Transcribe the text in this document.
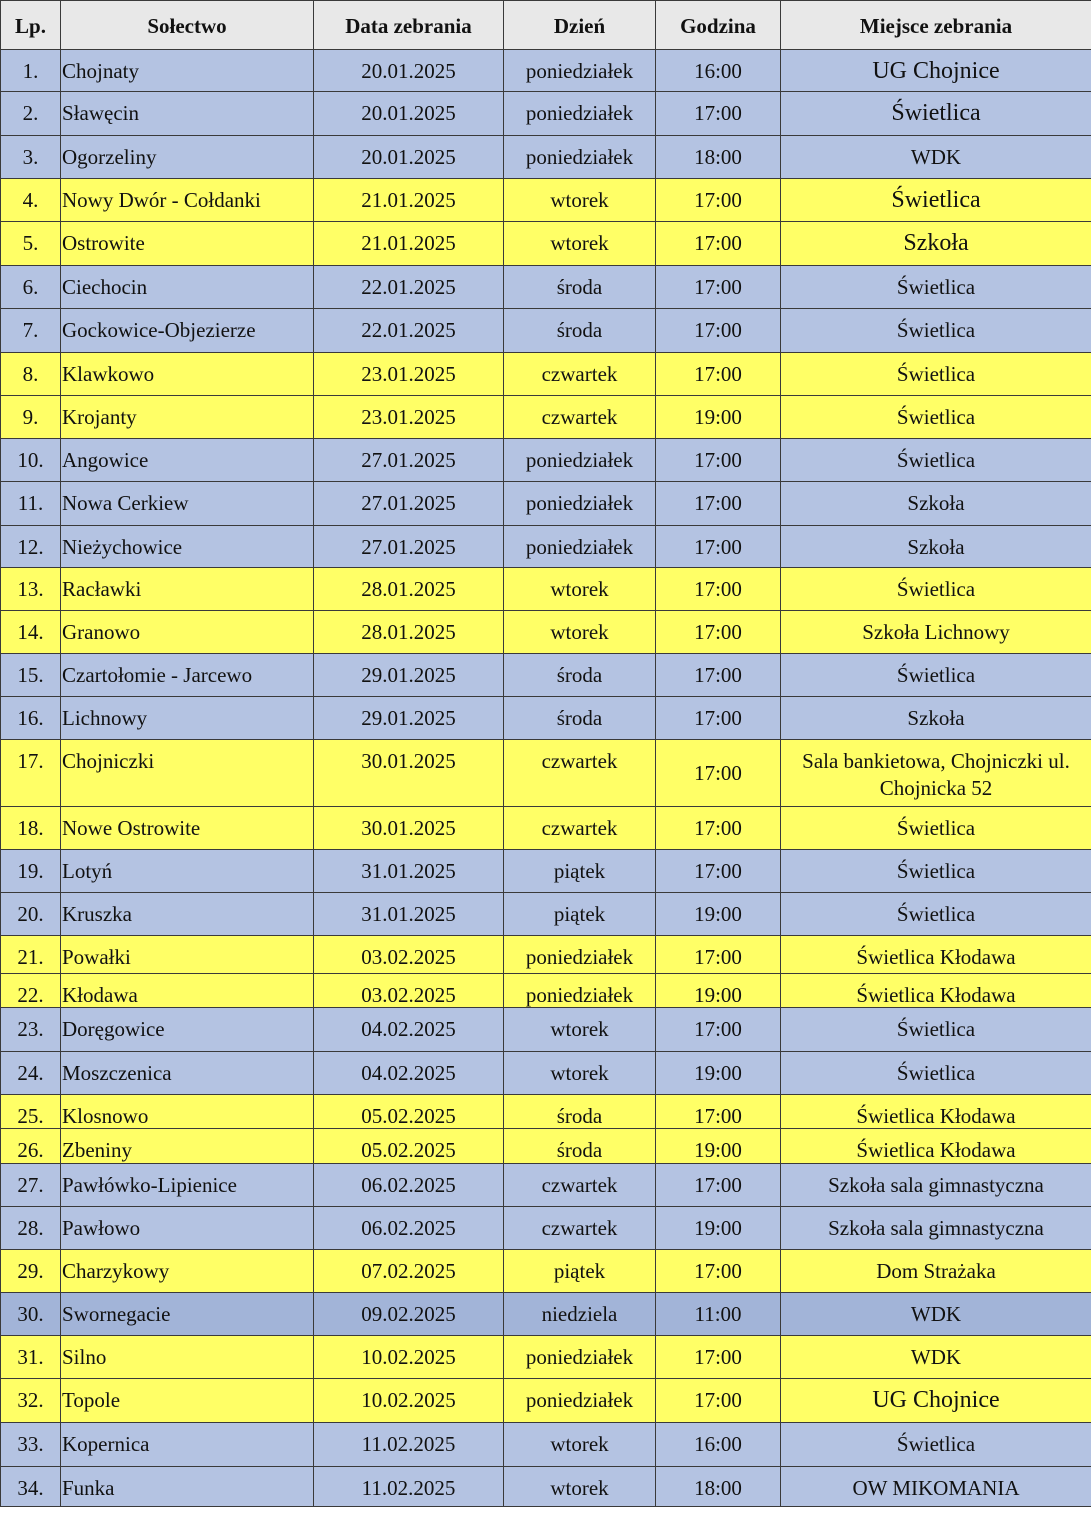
Lp.	Sołectwo	Data zebrania	Dzień	Godzina	Miejsce zebrania
1.	Chojnaty	20.01.2025	poniedziałek	16:00	UG Chojnice
2.	Sławęcin	20.01.2025	poniedziałek	17:00	Świetlica
3.	Ogorzeliny	20.01.2025	poniedziałek	18:00	WDK
4.	Nowy Dwór - Cołdanki	21.01.2025	wtorek	17:00	Świetlica
5.	Ostrowite	21.01.2025	wtorek	17:00	Szkoła
6.	Ciechocin	22.01.2025	środa	17:00	Świetlica
7.	Gockowice-Objezierze	22.01.2025	środa	17:00	Świetlica
8.	Klawkowo	23.01.2025	czwartek	17:00	Świetlica
9.	Krojanty	23.01.2025	czwartek	19:00	Świetlica
10.	Angowice	27.01.2025	poniedziałek	17:00	Świetlica
11.	Nowa Cerkiew	27.01.2025	poniedziałek	17:00	Szkoła
12.	Nieżychowice	27.01.2025	poniedziałek	17:00	Szkoła
13.	Racławki	28.01.2025	wtorek	17:00	Świetlica
14.	Granowo	28.01.2025	wtorek	17:00	Szkoła Lichnowy
15.	Czartołomie - Jarcewo	29.01.2025	środa	17:00	Świetlica
16.	Lichnowy	29.01.2025	środa	17:00	Szkoła
17.	Chojniczki	30.01.2025	czwartek	17:00	Sala bankietowa, Chojniczki ul. Chojnicka 52
18.	Nowe Ostrowite	30.01.2025	czwartek	17:00	Świetlica
19.	Lotyń	31.01.2025	piątek	17:00	Świetlica
20.	Kruszka	31.01.2025	piątek	19:00	Świetlica
21.	Powałki	03.02.2025	poniedziałek	17:00	Świetlica Kłodawa
22.	Kłodawa	03.02.2025	poniedziałek	19:00	Świetlica Kłodawa
23.	Doręgowice	04.02.2025	wtorek	17:00	Świetlica
24.	Moszczenica	04.02.2025	wtorek	19:00	Świetlica
25.	Klosnowo	05.02.2025	środa	17:00	Świetlica Kłodawa
26.	Zbeniny	05.02.2025	środa	19:00	Świetlica Kłodawa
27.	Pawłówko-Lipienice	06.02.2025	czwartek	17:00	Szkoła sala gimnastyczna
28.	Pawłowo	06.02.2025	czwartek	19:00	Szkoła sala gimnastyczna
29.	Charzykowy	07.02.2025	piątek	17:00	Dom Strażaka
30.	Swornegacie	09.02.2025	niedziela	11:00	WDK
31.	Silno	10.02.2025	poniedziałek	17:00	WDK
32.	Topole	10.02.2025	poniedziałek	17:00	UG Chojnice
33.	Kopernica	11.02.2025	wtorek	16:00	Świetlica
34.	Funka	11.02.2025	wtorek	18:00	OW MIKOMANIA
